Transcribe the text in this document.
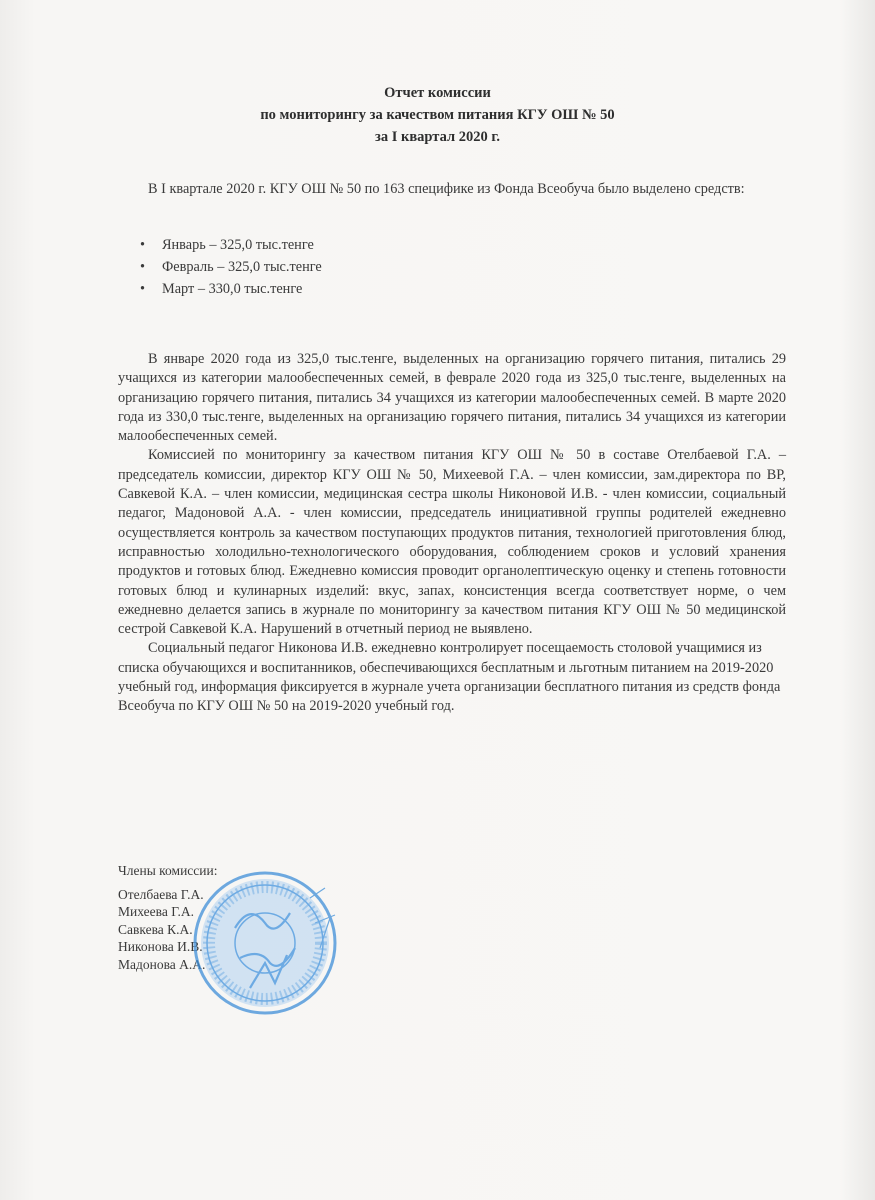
Отчет комиссии
по мониторингу за качеством питания КГУ ОШ № 50
за I квартал 2020 г.

В I квартале 2020 г. КГУ ОШ № 50 по 163 специфике из Фонда Всеобуча было выделено средств:

• Январь – 325,0 тыс.тенге
• Февраль – 325,0 тыс.тенге
• Март – 330,0 тыс.тенге

В январе 2020 года из 325,0 тыс.тенге, выделенных на организацию горячего питания, питались 29 учащихся из категории малообеспеченных семей, в феврале 2020 года из 325,0 тыс.тенге, выделенных на организацию горячего питания, питались 34 учащихся из категории малообеспеченных семей. В марте 2020 года из 330,0 тыс.тенге, выделенных на организацию горячего питания, питались 34 учащихся из категории малообеспеченных семей.

Комиссией по мониторингу за качеством питания КГУ ОШ № 50 в составе Отелбаевой Г.А. – председатель комиссии, директор КГУ ОШ № 50, Михеевой Г.А. – член комиссии, зам.директора по ВР, Савкевой К.А. – член комиссии, медицинская сестра школы Никоновой И.В. - член комиссии, социальный педагог, Мадоновой А.А. - член комиссии, председатель инициативной группы родителей ежедневно осуществляется контроль за качеством поступающих продуктов питания, технологией приготовления блюд, исправностью холодильно-технологического оборудования, соблюдением сроков и условий хранения продуктов и готовых блюд. Ежедневно комиссия проводит органолептическую оценку и степень готовности готовых блюд и кулинарных изделий: вкус, запах, консистенция всегда соответствует норме, о чем ежедневно делается запись в журнале по мониторингу за качеством питания КГУ ОШ № 50 медицинской сестрой Савкевой К.А. Нарушений в отчетный период не выявлено.

Социальный педагог Никонова И.В. ежедневно контролирует посещаемость столовой учащимися из списка обучающихся и воспитанников, обеспечивающихся бесплатным и льготным питанием на 2019-2020 учебный год, информация фиксируется в журнале учета организации бесплатного питания из средств фонда Всеобуча по КГУ ОШ № 50 на 2019-2020 учебный год.

Члены комиссии:
Отелбаева Г.А.
Михеева Г.А.
Савкева К.А.
Никонова И.В.
Мадонова А.А.
